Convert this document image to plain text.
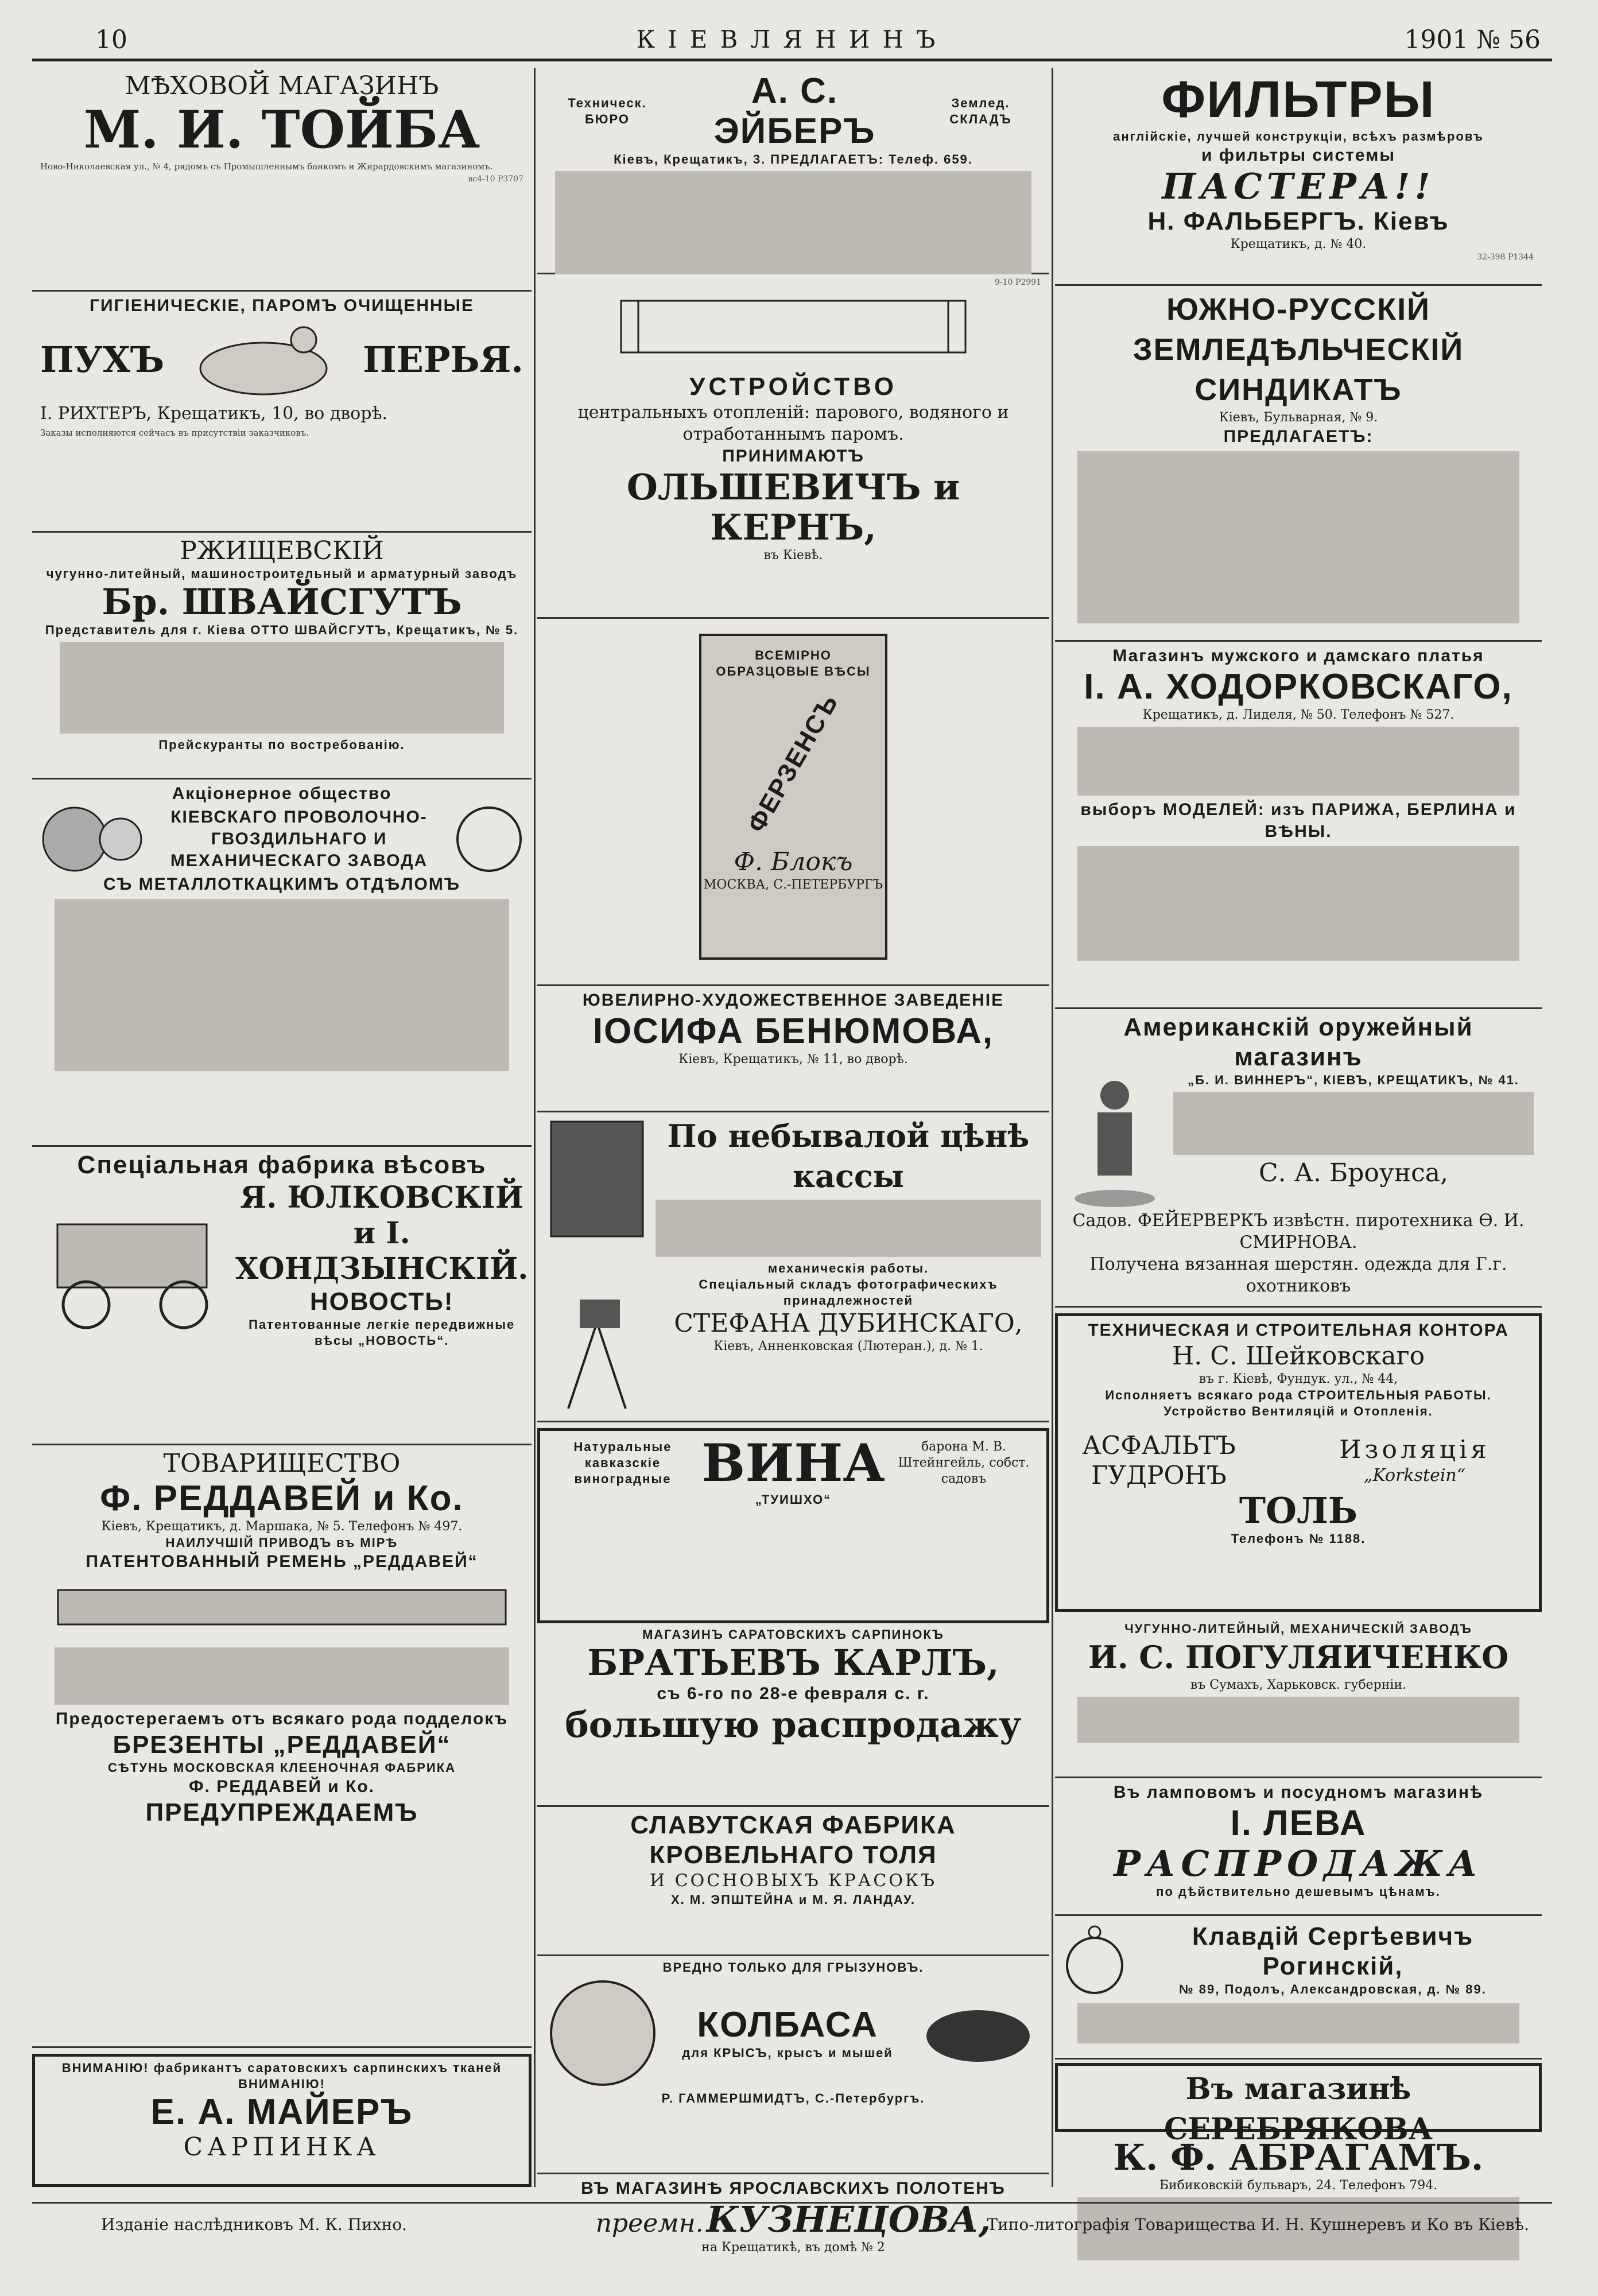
10	КІЕВЛЯНИНЪ	1901 № 56
МѢХОВОЙ МАГАЗИНЪ
М. И. ТОЙБА

Ново-Николаевская ул., № 4, рядомъ съ Промышленнымъ банкомъ и Жирардовскимъ магазиномъ.

вс4-10 Р3707
ГИГІЕНИЧЕСКІЕ, ПАРОМЪ ОЧИЩЕННЫЕ
ПУХЪ	ПЕРЬЯ.
I. РИХТЕРЪ, Крещатикъ, 10, во дворѣ.

Заказы исполняются сейчасъ въ присутствіи заказчиковъ.

РЖИЩЕВСКІЙ
чугунно-литейный, машиностроительный и арматурный заводъ
Бр. ШВАЙСГУТЪ
Представитель для г. Кіева ОТТО ШВАЙСГУТЪ, Крещатикъ, № 5.
Прейскуранты по востребованію.
Акціонерное общество
КІЕВСКАГО ПРОВОЛОЧНО-ГВОЗДИЛЬНАГО И МЕХАНИЧЕСКАГО ЗАВОДА
СЪ МЕТАЛЛОТКАЦКИМЪ ОТДѢЛОМЪ
Спеціальная фабрика вѣсовъ
Я. ЮЛКОВСКІЙ и I. ХОНДЗЫНСКІЙ.
НОВОСТЬ!
Патентованные легкіе передвижные вѣсы „НОВОСТЬ“.
ТОВАРИЩЕСТВО
Ф. РЕДДАВЕЙ и Ко.
Кіевъ, Крещатикъ, д. Маршака, № 5. Телефонъ № 497.
НАИЛУЧШІЙ ПРИВОДЪ въ МІРѢ
ПАТЕНТОВАННЫЙ РЕМЕНЬ „РЕДДАВЕЙ“
Предостерегаемъ отъ всякаго рода подделокъ
БРЕЗЕНТЫ „РЕДДАВЕЙ“
СѢТУНЬ МОСКОВСКАЯ КЛЕЕНОЧНАЯ ФАБРИКА
Ф. РЕДДАВЕЙ и Ко.
ПРЕДУПРЕЖДАЕМЪ
ВНИМАНІЮ! фабрикантъ саратовскихъ сарпинскихъ тканей ВНИМАНІЮ!
Е. А. МАЙЕРЪ
САРПИНКА
Техническ. БЮРО
А. С. ЭЙБЕРЪ
Землед. СКЛАДЪ
Кіевъ, Крещатикъ, 3. ПРЕДЛАГАЕТЪ: Телеф. 659.
9-10 Р2991
УСТРОЙСТВО
центральныхъ отопленій: парового, водяного и отработаннымъ паромъ.
ПРИНИМАЮТЪ
ОЛЬШЕВИЧЪ и КЕРНЪ,
въ Кіевѣ.
ВСЕМІРНО ОБРАЗЦОВЫЕ ВѢСЫ
ФЕРЗЕНСЪ
Ф. Блокъ
МОСКВА, С.-ПЕТЕРБУРГЪ
ЮВЕЛИРНО-ХУДОЖЕСТВЕННОЕ ЗАВЕДЕНІЕ
ІОСИФА БЕНЮМОВА,
Кіевъ, Крещатикъ, № 11, во дворѣ.
По небывалой цѣнѣ кассы
механическія работы.
Спеціальный складъ фотографическихъ принадлежностей
СТЕФАНА ДУБИНСКАГО,
Кіевъ, Анненковская (Лютеран.), д. № 1.
Натуральные кавказскіе виноградные ВИНА	барона М. В. Штейнгейль, собст. садовъ
„ТУИШХО“
МАГАЗИНЪ САРАТОВСКИХЪ САРПИНОКЪ
БРАТЬЕВЪ КАРЛЪ,
съ 6-го по 28-е февраля с. г.
большую распродажу
СЛАВУТСКАЯ ФАБРИКА КРОВЕЛЬНАГО ТОЛЯ
И СОСНОВЫХЪ КРАСОКЪ
Х. М. ЭПШТЕЙНА и М. Я. ЛАНДАУ.
ВРЕДНО ТОЛЬКО ДЛЯ ГРЫЗУНОВЪ.
КОЛБАСА
для КРЫСЪ, крысъ и мышей
Р. ГАММЕРШМИДТЪ, С.-Петербургъ.
ВЪ МАГАЗИНѢ ЯРОСЛАВСКИХЪ ПОЛОТЕНЪ
преемн. КУЗНЕЦОВА,
на Крещатикѣ, въ домѣ № 2
ФИЛЬТРЫ
англійскіе, лучшей конструкціи, всѣхъ размѣровъ
и фильтры системы
ПАСТЕРА!!
Н. ФАЛЬБЕРГЪ. Кіевъ
Крещатикъ, д. № 40.
32-398 Р1344
ЮЖНО-РУССКІЙ ЗЕМЛЕДѢЛЬЧЕСКІЙ СИНДИКАТЪ
Кіевъ, Бульварная, № 9.
ПРЕДЛАГАЕТЪ:
Магазинъ мужского и дамскаго платья
I. А. ХОДОРКОВСКАГО,
Крещатикъ, д. Лиделя, № 50. Телефонъ № 527.
выборъ МОДЕЛЕЙ: изъ ПАРИЖА, БЕРЛИНА и ВѢНЫ.
Американскій оружейный магазинъ
„Б. И. ВИННЕРЪ“, КІЕВЪ, КРЕЩАТИКЪ, № 41.
С. А. Броунса,
Садов. ФЕЙЕРВЕРКЪ извѣстн. пиротехника Ѳ. И. СМИРНОВА.
Получена вязанная шерстян. одежда для Г.г. охотниковъ
ТЕХНИЧЕСКАЯ И СТРОИТЕЛЬНАЯ КОНТОРА
Н. С. Шейковскаго
въ г. Кіевѣ, Фундук. ул., № 44,
Исполняетъ всякаго рода СТРОИТЕЛЬНЫЯ РАБОТЫ.
Устройство Вентиляцій и Отопленія.
АСФАЛЬТЪ ГУДРОНЪ
Изоляція
„Korkstein“
ТОЛЬ
Телефонъ № 1188.
ЧУГУННО-ЛИТЕЙНЫЙ, МЕХАНИЧЕСКІЙ ЗАВОДЪ
И. С. ПОГУЛЯИЧЕНКО
въ Сумахъ, Харьковск. губерніи.
Въ ламповомъ и посудномъ магазинѣ
I. ЛЕВА
РАСПРОДАЖА
по дѣйствительно дешевымъ цѣнамъ.
Клавдій Сергѣевичъ Рогинскій,
№ 89, Подолъ, Александровская, д. № 89.
Въ магазинѣ СЕРЕБРЯКОВА
К. Ф. АБРАГАМЪ.
Бибиковскій бульваръ, 24. Телефонъ 794.
Изданіе наслѣдниковъ М. К. Пихно.	Типо-литографія Товарищества И. Н. Кушнеревъ и Ко въ Кіевѣ.
